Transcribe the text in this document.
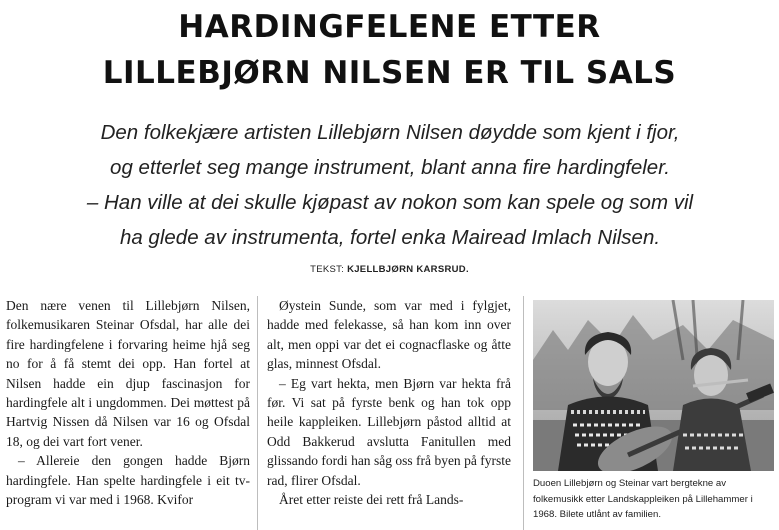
HARDINGFELENE ETTER
LILLEBJØRN NILSEN ER TIL SALS

Den folkekjære artisten Lillebjørn Nilsen døydde som kjent i fjor,
og etterlet seg mange instrument, blant anna fire hardingfeler.
– Han ville at dei skulle kjøpast av nokon som kan spele og som vil
ha glede av instrumenta, fortel enka Mairead Imlach Nilsen.

TEKST: KJELLBJØRN KARSRUD.

Den nære venen til Lillebjørn Nilsen, folkemusikaren Steinar Ofsdal, har alle dei fire hardingfelene i forvaring heime hjå seg no for å få stemt dei opp. Han fortel at Nilsen hadde ein djup fascinasjon for hardingfele alt i ungdommen. Dei møttest på Hartvig Nissen då Nilsen var 16 og Ofsdal 18, og dei vart fort vener.

– Allereie den gongen hadde Bjørn hardingfele. Han spelte hardingfele i eit tv-program vi var med i 1968. Kvifor

Øystein Sunde, som var med i fylgjet, hadde med felekasse, så han kom inn over alt, men oppi var det ei cognacflaske og åtte glas, minnest Ofsdal.

– Eg vart hekta, men Bjørn var hekta frå før. Vi sat på fyrste benk og han tok opp heile kappleiken. Lillebjørn påstod alltid at Odd Bakkerud avslutta Fanitullen med glissando fordi han såg oss frå byen på fyrste rad, flirer Ofsdal.

Året etter reiste dei rett frå Lands-

Duoen Lillebjørn og Steinar vart bergtekne av folkemusikk etter Landskappleiken på Lillehammer i 1968. Bilete utlånt av familien.
